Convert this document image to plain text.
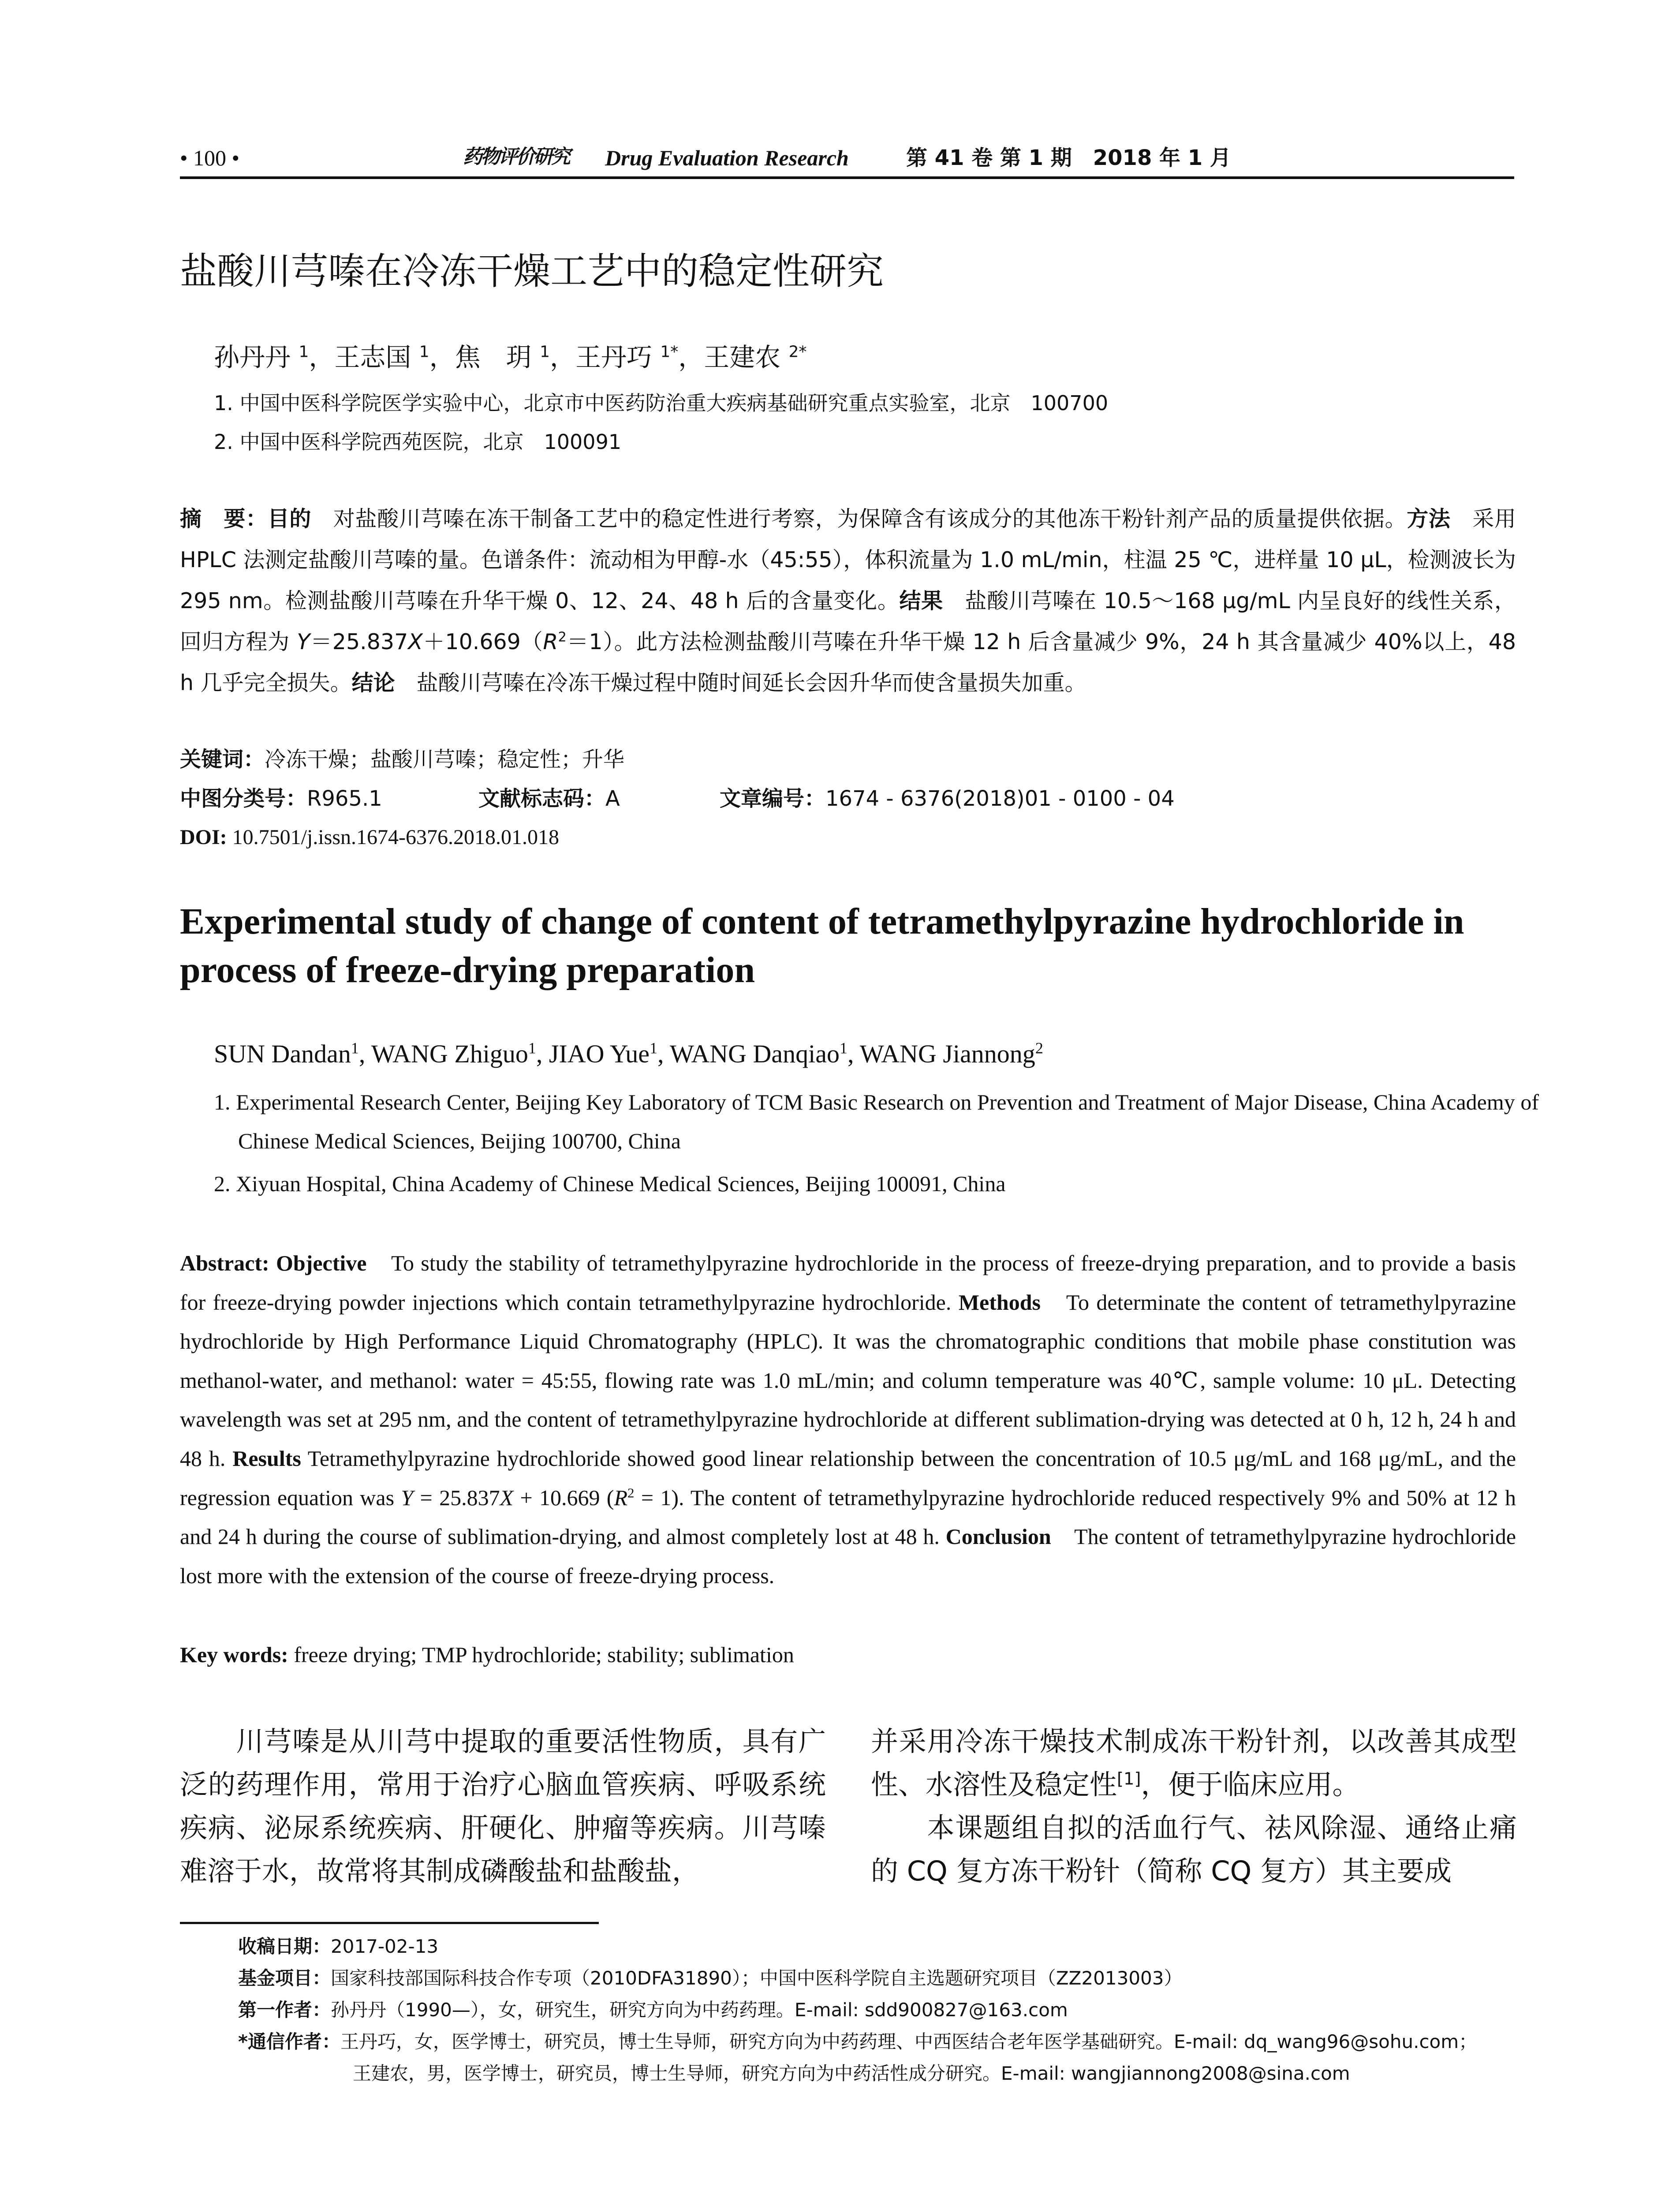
• 100 •	药物评价研究 Drug Evaluation Research	第 41 卷 第 1 期　2018 年 1 月
盐酸川芎嗪在冷冻干燥工艺中的稳定性研究
孙丹丹 $^1$，王志国 $^1$，焦　玥 $^1$，王丹巧 $^{1*}$，王建农 $^{2*}$
1. 中国中医科学院医学实验中心，北京市中医药防治重大疾病基础研究重点实验室，北京　100700
2. 中国中医科学院西苑医院，北京　100091
摘　要：目的　对盐酸川芎嗪在冻干制备工艺中的稳定性进行考察，为保障含有该成分的其他冻干粉针剂产品的质量提供依据。方法　采用 HPLC 法测定盐酸川芎嗪的量。色谱条件：流动相为甲醇-水（45:55），体积流量为 1.0 mL/min，柱温 25 ℃，进样量 10 μL，检测波长为 295 nm。检测盐酸川芎嗪在升华干燥 0、12、24、48 h 后的含量变化。结果　盐酸川芎嗪在 10.5～168 μg/mL 内呈良好的线性关系，回归方程为 $Y=25.837X+10.669(R^2=1)$。此方法检测盐酸川芎嗪在升华干燥 12 h 后含量减少 9%，24 h 其含量减少 40%以上，48 h 几乎完全损失。结论　盐酸川芎嗪在冷冻干燥过程中随时间延长会因升华而使含量损失加重。
关键词：冷冻干燥；盐酸川芎嗪；稳定性；升华
中图分类号：R965.1	文献标志码：A	文章编号：1674 - 6376(2018)01 - 0100 - 04
DOI: 10.7501/j.issn.1674-6376.2018.01.018
Experimental study of change of content of tetramethylpyrazine hydrochloride in process of freeze-drying preparation
SUN Dandan$^1$, WANG Zhiguo$^1$, JIAO Yue$^1$, WANG Danqiao$^1$, WANG Jiannong$^2$
1. Experimental Research Center, Beijing Key Laboratory of TCM Basic Research on Prevention and Treatment of Major Disease, China Academy of Chinese Medical Sciences, Beijing 100700, China
2. Xiyuan Hospital, China Academy of Chinese Medical Sciences, Beijing 100091, China
Abstract: Objective　To study the stability of tetramethylpyrazine hydrochloride in the process of freeze-drying preparation, and to provide a basis for freeze-drying powder injections which contain tetramethylpyrazine hydrochloride. Methods　To determinate the content of tetramethylpyrazine hydrochloride by High Performance Liquid Chromatography (HPLC). It was the chromatographic conditions that mobile phase constitution was methanol-water, and methanol: water = 45:55, flowing rate was 1.0 mL/min; and column temperature was 40℃, sample volume: 10 μL. Detecting wavelength was set at 295 nm, and the content of tetramethylpyrazine hydrochloride at different sublimation-drying was detected at 0 h, 12 h, 24 h and 48 h. Results Tetramethylpyrazine hydrochloride showed good linear relationship between the concentration of 10.5 μg/mL and 168 μg/mL, and the regression equation was Y = 25.837X + 10.669 $(R^2 = 1)$. The content of tetramethylpyrazine hydrochloride reduced respectively 9% and 50% at 12 h and 24 h during the course of sublimation-drying, and almost completely lost at 48 h. Conclusion　The content of tetramethylpyrazine hydrochloride lost more with the extension of the course of freeze-drying process.
Key words: freeze drying; TMP hydrochloride; stability; sublimation
　　川芎嗪是从川芎中提取的重要活性物质，具有广泛的药理作用，常用于治疗心脑血管疾病、呼吸系统疾病、泌尿系统疾病、肝硬化、肿瘤等疾病。川芎嗪难溶于水，故常将其制成磷酸盐和盐酸盐，
并采用冷冻干燥技术制成冻干粉针剂，以改善其成型性、水溶性及稳定性[1]，便于临床应用。
　　本课题组自拟的活血行气、祛风除湿、通络止痛的 CQ 复方冻干粉针（简称 CQ 复方）其主要成
收稿日期：2017-02-13
基金项目：国家科技部国际科技合作专项（2010DFA31890）；中国中医科学院自主选题研究项目（ZZ2013003）
第一作者：孙丹丹（1990—），女，研究生，研究方向为中药药理。E-mail: sdd900827@163.com
*通信作者：王丹巧，女，医学博士，研究员，博士生导师，研究方向为中药药理、中西医结合老年医学基础研究。E-mail: dq_wang96@sohu.com；
王建农，男，医学博士，研究员，博士生导师，研究方向为中药活性成分研究。E-mail: wangjiannong2008@sina.com
